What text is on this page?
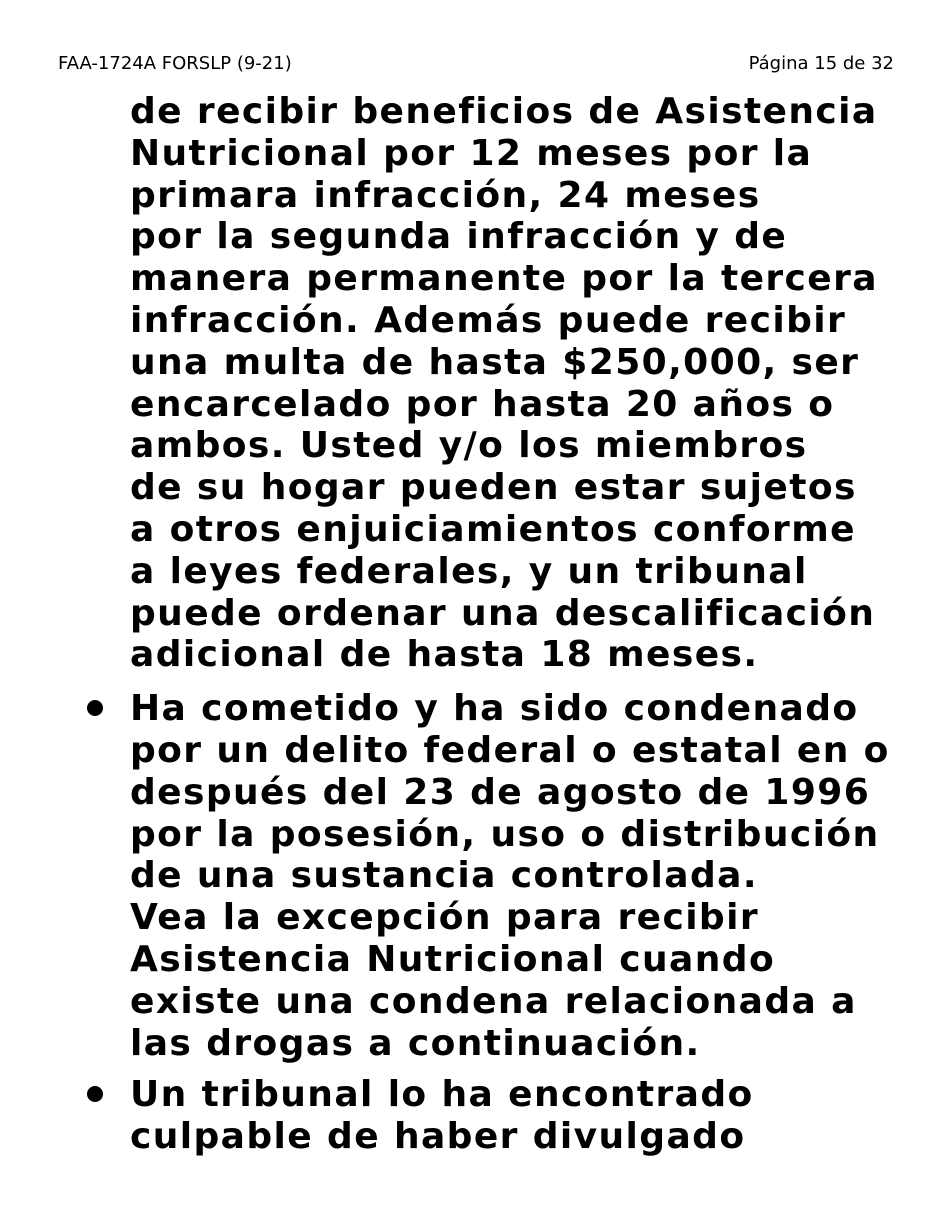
FAA-1724A FORSLP (9-21)	Página 15 de 32

de recibir beneficios de Asistencia
Nutricional por 12 meses por la
primara infracción, 24 meses
por la segunda infracción y de
manera permanente por la tercera
infracción. Además puede recibir
una multa de hasta $250,000, ser
encarcelado por hasta 20 años o
ambos. Usted y/o los miembros
de su hogar pueden estar sujetos
a otros enjuiciamientos conforme
a leyes federales, y un tribunal
puede ordenar una descalificación
adicional de hasta 18 meses.

Ha cometido y ha sido condenado
por un delito federal o estatal en o
después del 23 de agosto de 1996
por la posesión, uso o distribución
de una sustancia controlada.
Vea la excepción para recibir
Asistencia Nutricional cuando
existe una condena relacionada a
las drogas a continuación.

Un tribunal lo ha encontrado
culpable de haber divulgado
